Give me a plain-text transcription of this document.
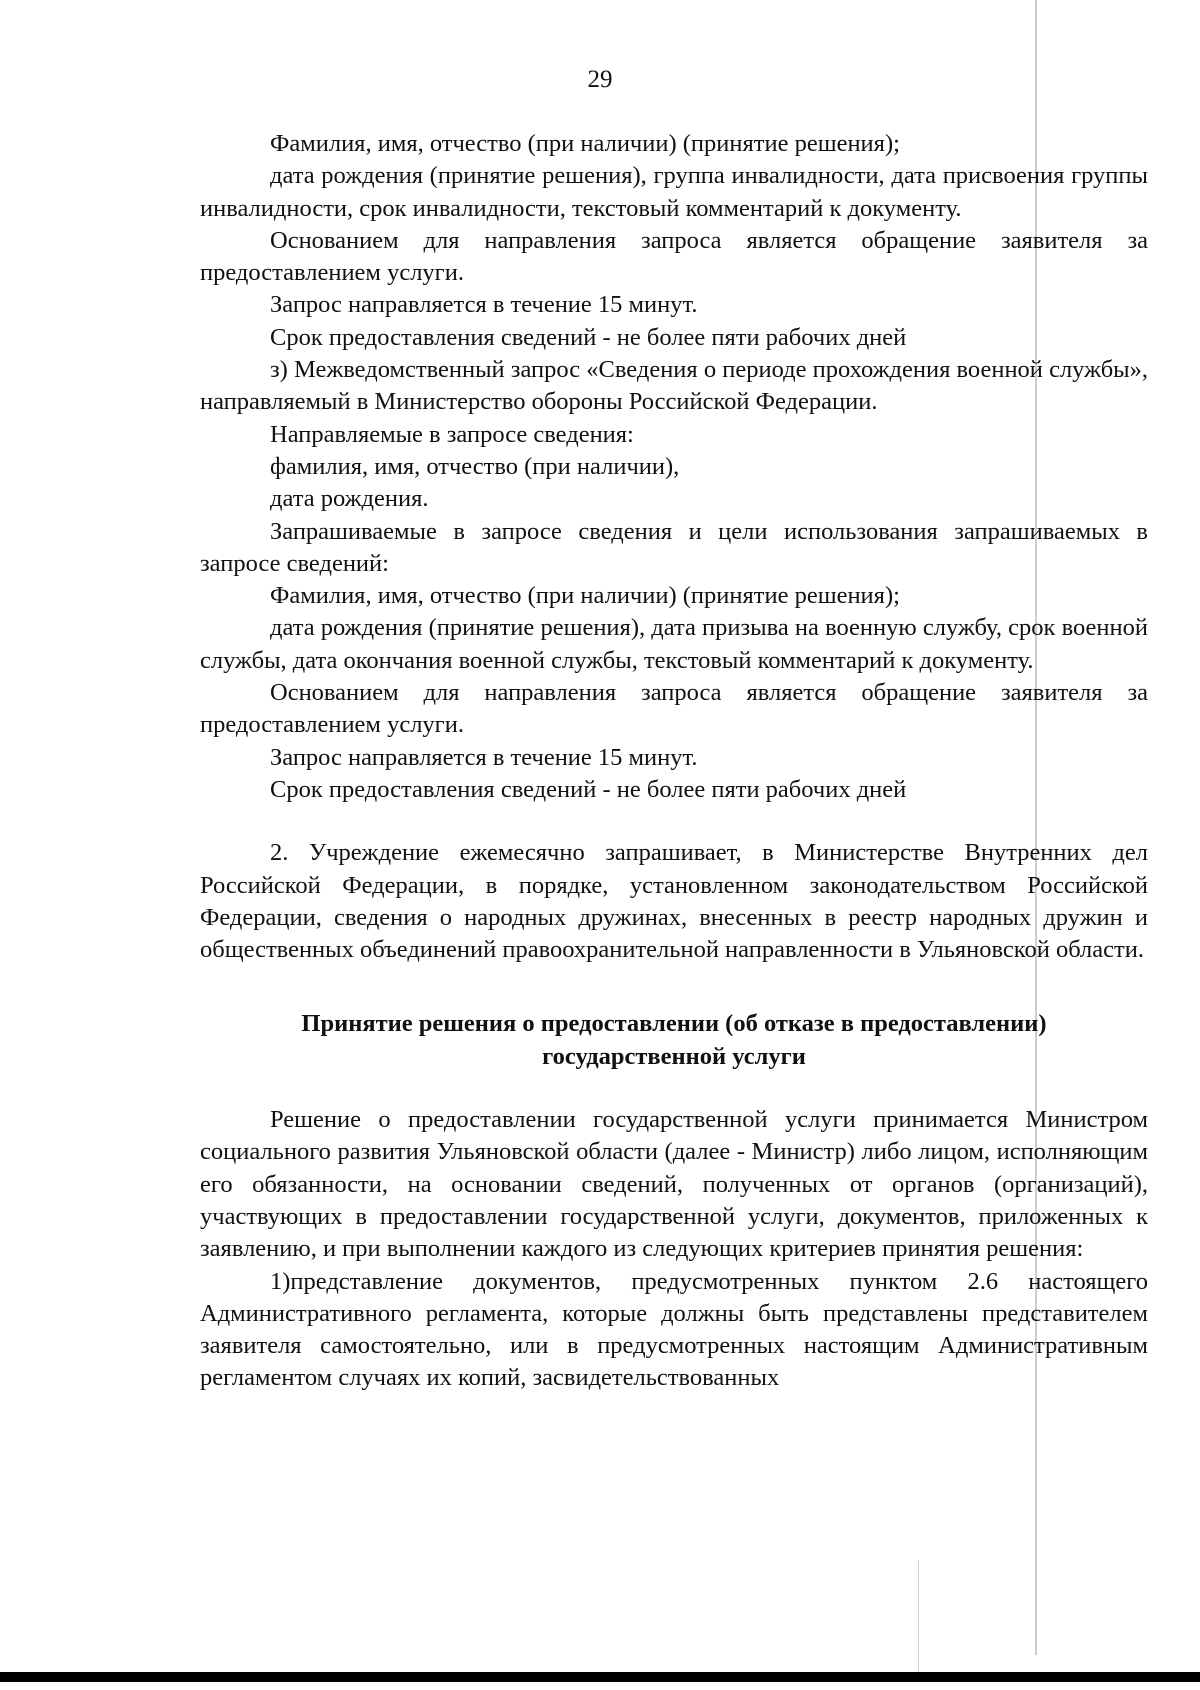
29

Фамилия, имя, отчество (при наличии) (принятие решения);

дата рождения (принятие решения), группа инвалидности, дата присвоения группы инвалидности, срок инвалидности, текстовый комментарий к документу.

Основанием для направления запроса является обращение заявителя за предоставлением услуги.

Запрос направляется в течение 15 минут.

Срок предоставления сведений - не более пяти рабочих дней

з) Межведомственный запрос «Сведения о периоде прохождения военной службы», направляемый в Министерство обороны Российской Федерации.

Направляемые в запросе сведения:

фамилия, имя, отчество (при наличии),

дата рождения.

Запрашиваемые в запросе сведения и цели использования запрашиваемых в запросе сведений:

Фамилия, имя, отчество (при наличии) (принятие решения);

дата рождения (принятие решения), дата призыва на военную службу, срок военной службы, дата окончания военной службы, текстовый комментарий к документу.

Основанием для направления запроса является обращение заявителя за предоставлением услуги.

Запрос направляется в течение 15 минут.

Срок предоставления сведений - не более пяти рабочих дней

2. Учреждение ежемесячно запрашивает, в Министерстве Внутренних дел Российской Федерации, в порядке, установленном законодательством Российской Федерации, сведения о народных дружинах, внесенных в реестр народных дружин и общественных объединений правоохранительной направленности в Ульяновской области.

Принятие решения о предоставлении (об отказе в предоставлении) государственной услуги

Решение о предоставлении государственной услуги принимается Министром социального развития Ульяновской области (далее - Министр) либо лицом, исполняющим его обязанности, на основании сведений, полученных от органов (организаций), участвующих в предоставлении государственной услуги, документов, приложенных к заявлению, и при выполнении каждого из следующих критериев принятия решения:

1)представление документов, предусмотренных пунктом 2.6 настоящего Административного регламента, которые должны быть представлены представителем заявителя самостоятельно, или в предусмотренных настоящим Административным регламентом случаях их копий, засвидетельствованных
